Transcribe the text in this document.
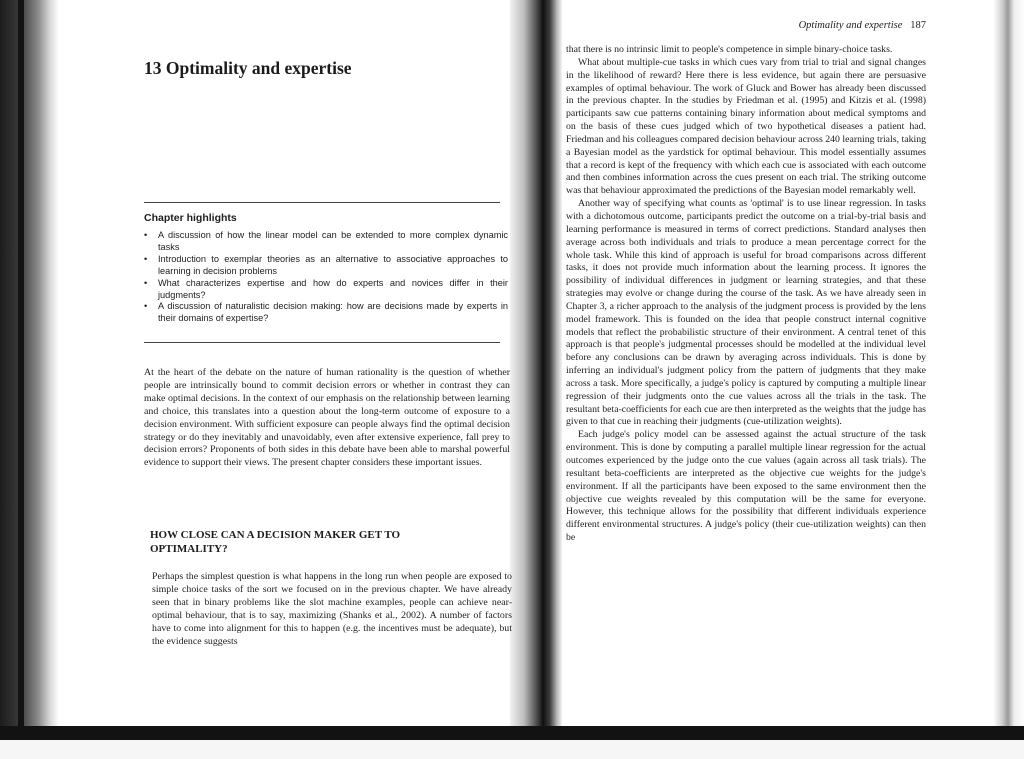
13 Optimality and expertise
Chapter highlights
• A discussion of how the linear model can be extended to more complex dynamic tasks
• Introduction to exemplar theories as an alternative to associative approaches to learning in decision problems
• What characterizes expertise and how do experts and novices differ in their judgments?
• A discussion of naturalistic decision making: how are decisions made by experts in their domains of expertise?

At the heart of the debate on the nature of human rationality is the question of whether people are intrinsically bound to commit decision errors or whether in contrast they can make optimal decisions. In the context of our emphasis on the relationship between learning and choice, this translates into a question about the long-term outcome of exposure to a decision environment. With sufficient exposure can people always find the optimal decision strategy or do they inevitably and unavoidably, even after extensive experience, fall prey to decision errors? Proponents of both sides in this debate have been able to marshal powerful evidence to support their views. The present chapter considers these important issues.

HOW CLOSE CAN A DECISION MAKER GET TO OPTIMALITY?

Perhaps the simplest question is what happens in the long run when people are exposed to simple choice tasks of the sort we focused on in the previous chapter. We have already seen that in binary problems like the slot machine examples, people can achieve near-optimal behaviour, that is to say, maximizing (Shanks et al., 2002). A number of factors have to come into alignment for this to happen (e.g. the incentives must be adequate), but the evidence suggests

Optimality and expertise 187

that there is no intrinsic limit to people's competence in simple binary-choice tasks.

What about multiple-cue tasks in which cues vary from trial to trial and signal changes in the likelihood of reward? Here there is less evidence, but again there are persuasive examples of optimal behaviour. The work of Gluck and Bower has already been discussed in the previous chapter. In the studies by Friedman et al. (1995) and Kitzis et al. (1998) participants saw cue patterns containing binary information about medical symptoms and on the basis of these cues judged which of two hypothetical diseases a patient had. Friedman and his colleagues compared decision behaviour across 240 learning trials, taking a Bayesian model as the yardstick for optimal behaviour. This model essentially assumes that a record is kept of the frequency with which each cue is associated with each outcome and then combines information across the cues present on each trial. The striking outcome was that behaviour approximated the predictions of the Bayesian model remarkably well.

Another way of specifying what counts as 'optimal' is to use linear regression. In tasks with a dichotomous outcome, participants predict the outcome on a trial-by-trial basis and learning performance is measured in terms of correct predictions. Standard analyses then average across both individuals and trials to produce a mean percentage correct for the whole task. While this kind of approach is useful for broad comparisons across different tasks, it does not provide much information about the learning process. It ignores the possibility of individual differences in judgment or learning strategies, and that these strategies may evolve or change during the course of the task. As we have already seen in Chapter 3, a richer approach to the analysis of the judgment process is provided by the lens model framework. This is founded on the idea that people construct internal cognitive models that reflect the probabilistic structure of their environment. A central tenet of this approach is that people's judgmental processes should be modelled at the individual level before any conclusions can be drawn by averaging across individuals. This is done by inferring an individual's judgment policy from the pattern of judgments that they make across a task. More specifically, a judge's policy is captured by computing a multiple linear regression of their judgments onto the cue values across all the trials in the task. The resultant beta-coefficients for each cue are then interpreted as the weights that the judge has given to that cue in reaching their judgments (cue-utilization weights).

Each judge's policy model can be assessed against the actual structure of the task environment. This is done by computing a parallel multiple linear regression for the actual outcomes experienced by the judge onto the cue values (again across all task trials). The resultant beta-coefficients are interpreted as the objective cue weights for the judge's environment. If all the participants have been exposed to the same environment then the objective cue weights revealed by this computation will be the same for everyone. However, this technique allows for the possibility that different individuals experience different environmental structures. A judge's policy (their cue-utilization weights) can then be
